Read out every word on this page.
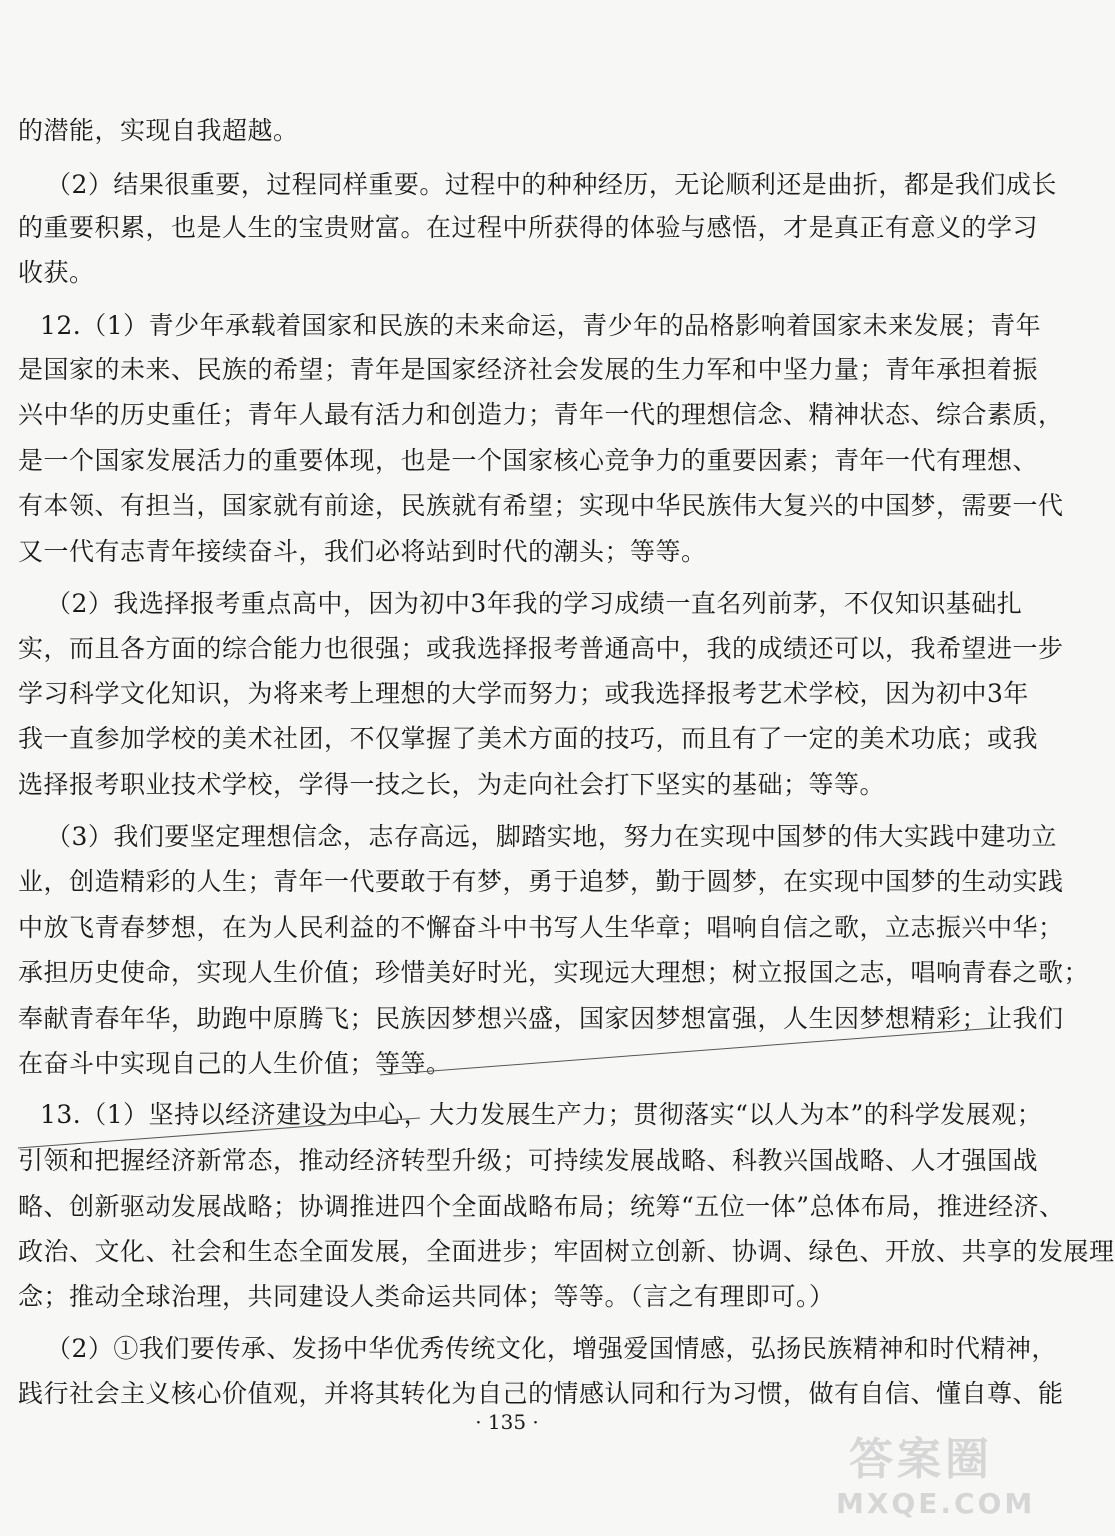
的潜能，实现自我超越。
（2）结果很重要，过程同样重要。过程中的种种经历，无论顺利还是曲折，都是我们成长
的重要积累，也是人生的宝贵财富。在过程中所获得的体验与感悟，才是真正有意义的学习
收获。
12.（1）青少年承载着国家和民族的未来命运，青少年的品格影响着国家未来发展；青年
是国家的未来、民族的希望；青年是国家经济社会发展的生力军和中坚力量；青年承担着振
兴中华的历史重任；青年人最有活力和创造力；青年一代的理想信念、精神状态、综合素质，
是一个国家发展活力的重要体现，也是一个国家核心竞争力的重要因素；青年一代有理想、
有本领、有担当，国家就有前途，民族就有希望；实现中华民族伟大复兴的中国梦，需要一代
又一代有志青年接续奋斗，我们必将站到时代的潮头；等等。
（2）我选择报考重点高中，因为初中3年我的学习成绩一直名列前茅，不仅知识基础扎
实，而且各方面的综合能力也很强；或我选择报考普通高中，我的成绩还可以，我希望进一步
学习科学文化知识，为将来考上理想的大学而努力；或我选择报考艺术学校，因为初中3年
我一直参加学校的美术社团，不仅掌握了美术方面的技巧，而且有了一定的美术功底；或我
选择报考职业技术学校，学得一技之长，为走向社会打下坚实的基础；等等。
（3）我们要坚定理想信念，志存高远，脚踏实地，努力在实现中国梦的伟大实践中建功立
业，创造精彩的人生；青年一代要敢于有梦，勇于追梦，勤于圆梦，在实现中国梦的生动实践
中放飞青春梦想，在为人民利益的不懈奋斗中书写人生华章；唱响自信之歌，立志振兴中华；
承担历史使命，实现人生价值；珍惜美好时光，实现远大理想；树立报国之志，唱响青春之歌；
奉献青春年华，助跑中原腾飞；民族因梦想兴盛，国家因梦想富强，人生因梦想精彩；让我们
在奋斗中实现自己的人生价值；等等。
13.（1）坚持以经济建设为中心，大力发展生产力；贯彻落实“以人为本”的科学发展观；
引领和把握经济新常态，推动经济转型升级；可持续发展战略、科教兴国战略、人才强国战
略、创新驱动发展战略；协调推进四个全面战略布局；统筹“五位一体”总体布局，推进经济、
政治、文化、社会和生态全面发展，全面进步；牢固树立创新、协调、绿色、开放、共享的发展理
念；推动全球治理，共同建设人类命运共同体；等等。（言之有理即可。）
（2）①我们要传承、发扬中华优秀传统文化，增强爱国情感，弘扬民族精神和时代精神，
践行社会主义核心价值观，并将其转化为自己的情感认同和行为习惯，做有自信、懂自尊、能
· 135 ·
答案圈
MXQE.COM
